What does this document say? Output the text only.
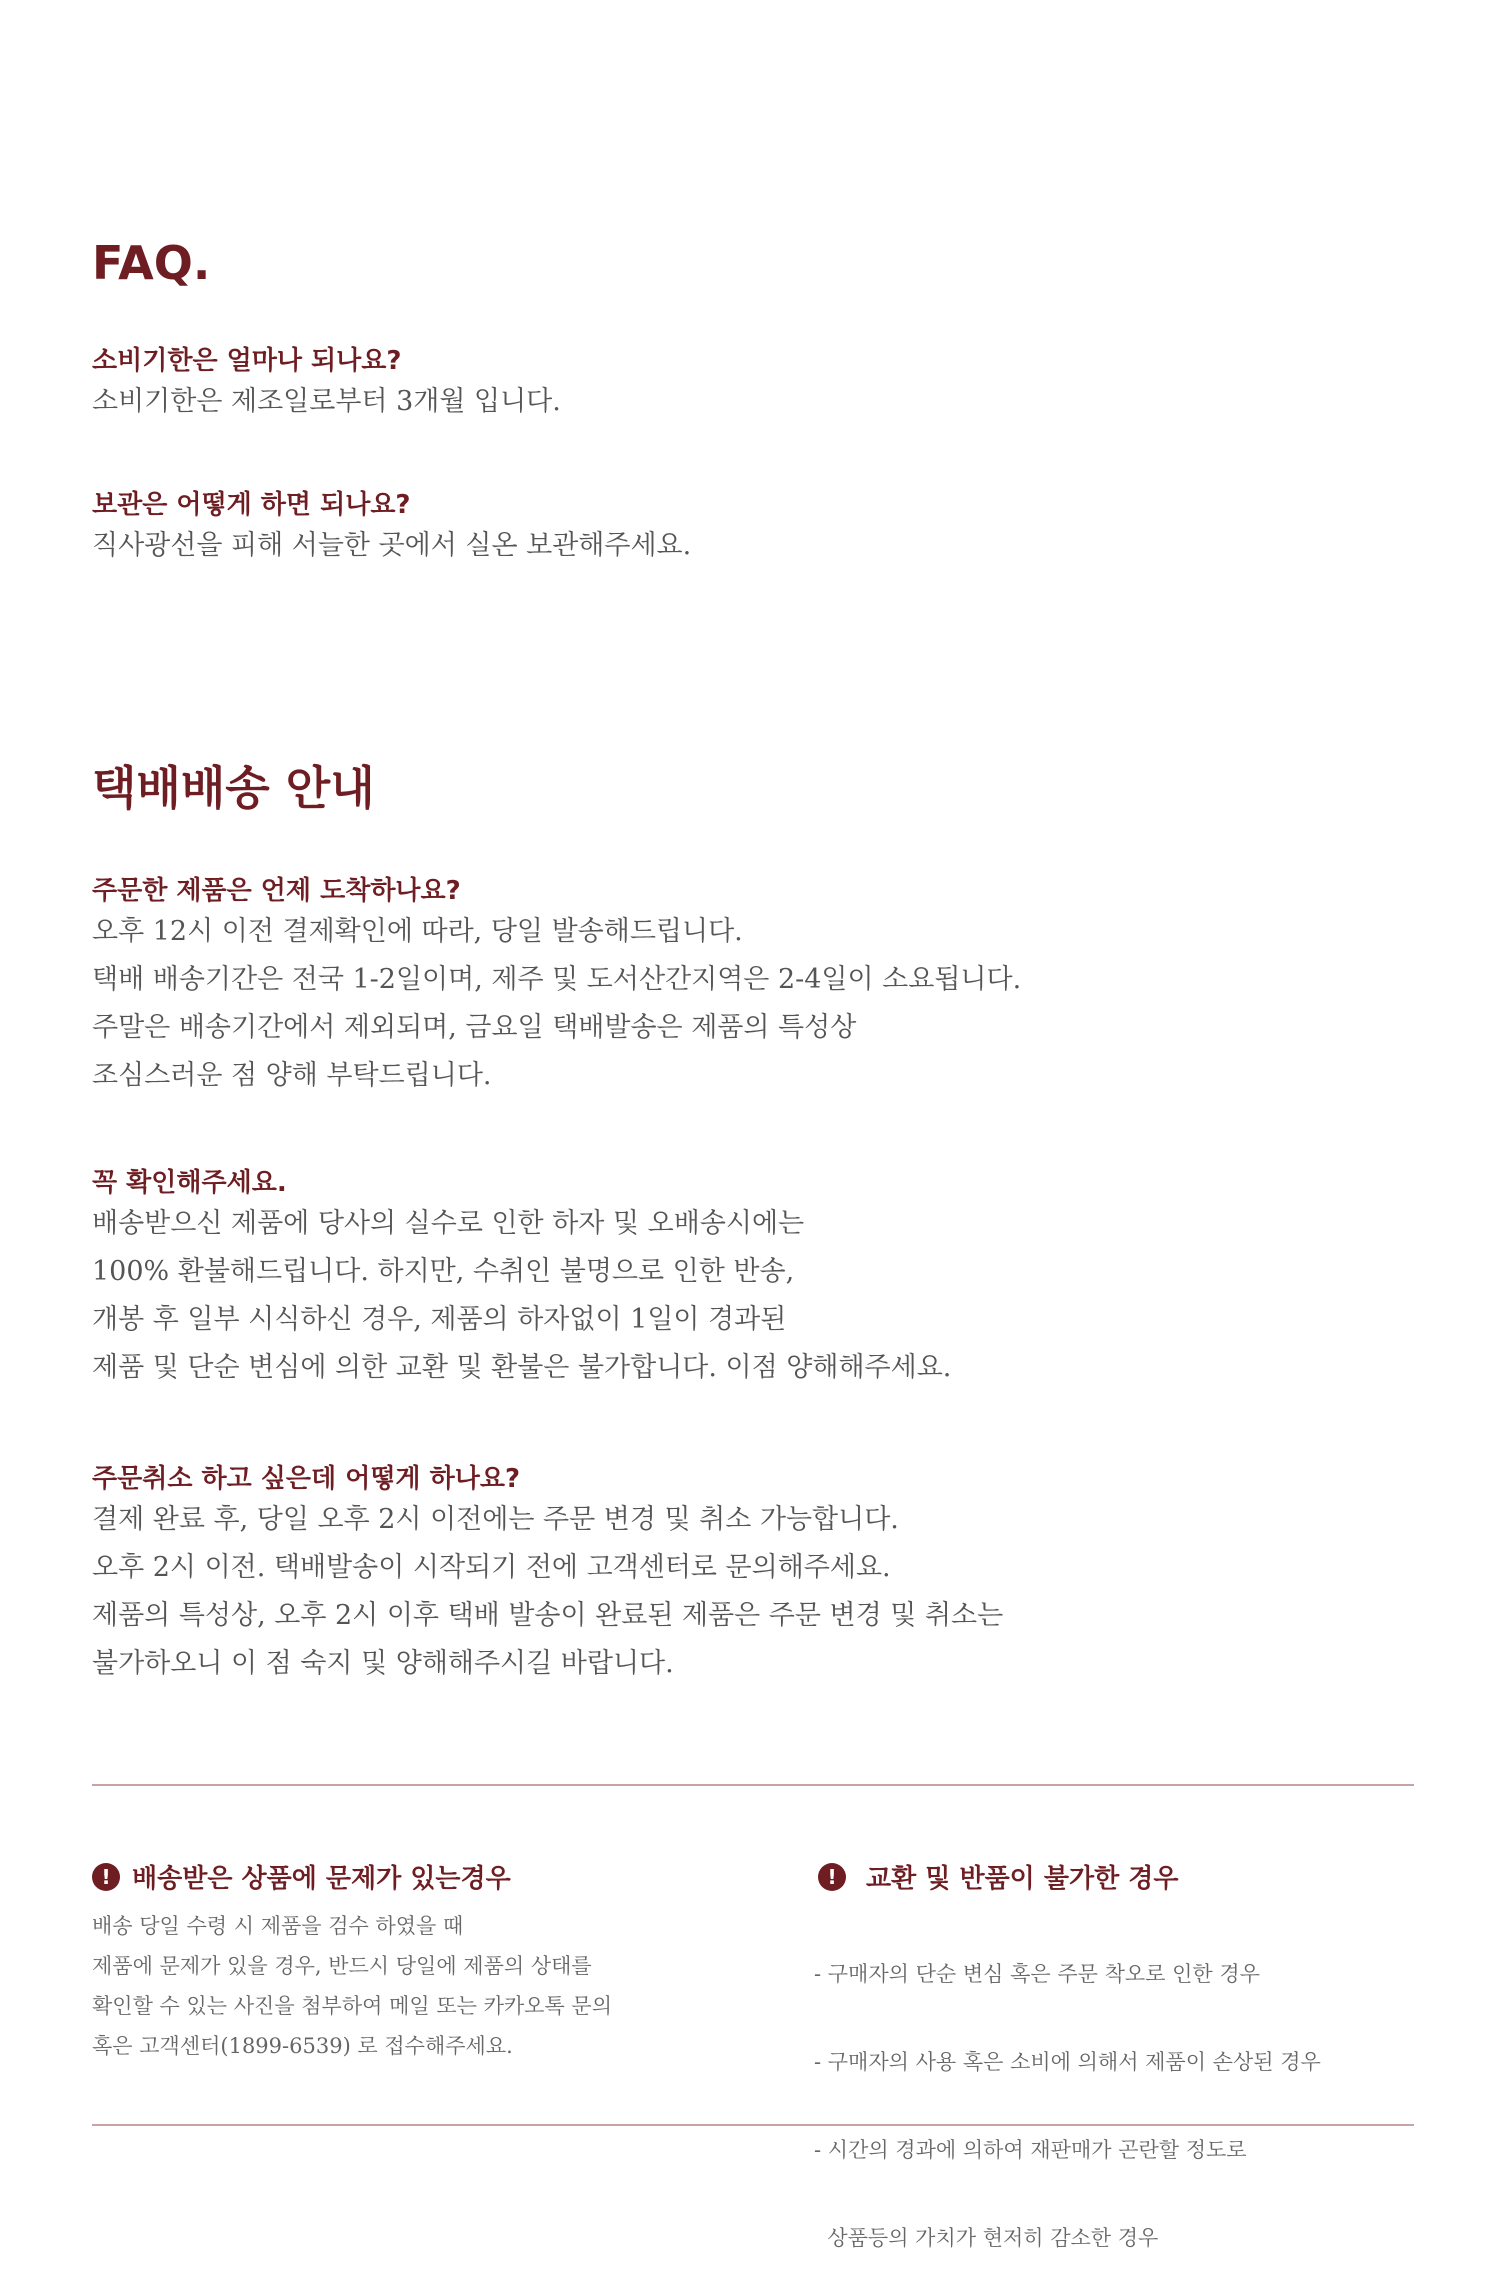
FAQ.

소비기한은 얼마나 되나요?

소비기한은 제조일로부터 3개월 입니다.

보관은 어떻게 하면 되나요?

직사광선을 피해 서늘한 곳에서 실온 보관해주세요.
택배배송 안내

주문한 제품은 언제 도착하나요?

오후 12시 이전 결제확인에 따라, 당일 발송해드립니다.
택배 배송기간은 전국 1-2일이며, 제주 및 도서산간지역은 2-4일이 소요됩니다.
주말은 배송기간에서 제외되며, 금요일 택배발송은 제품의 특성상
조심스러운 점 양해 부탁드립니다.

꼭 확인해주세요.

배송받으신 제품에 당사의 실수로 인한 하자 및 오배송시에는
100% 환불해드립니다. 하지만, 수취인 불명으로 인한 반송,
개봉 후 일부 시식하신 경우, 제품의 하자없이 1일이 경과된
제품 및 단순 변심에 의한 교환 및 환불은 불가합니다. 이점 양해해주세요.

주문취소 하고 싶은데 어떻게 하나요?

결제 완료 후, 당일 오후 2시 이전에는 주문 변경 및 취소 가능합니다.
오후 2시 이전. 택배발송이 시작되기 전에 고객센터로 문의해주세요.
제품의 특성상, 오후 2시 이후 택배 발송이 완료된 제품은 주문 변경 및 취소는
불가하오니 이 점 숙지 및 양해해주시길 바랍니다.
! 배송받은 상품에 문제가 있는경우
배송 당일 수령 시 제품을 검수 하였을 때
제품에 문제가 있을 경우, 반드시 당일에 제품의 상태를
확인할 수 있는 사진을 첨부하여 메일 또는 카카오톡 문의
혹은 고객센터(1899-6539) 로 접수해주세요.
!	교환 및 반품이 불가한 경우

- 구매자의 단순 변심 혹은 주문 착오로 인한 경우

- 구매자의 사용 혹은 소비에 의해서 제품이 손상된 경우

- 시간의 경과에 의하여 재판매가 곤란할 정도로

상품등의 가치가 현저히 감소한 경우
